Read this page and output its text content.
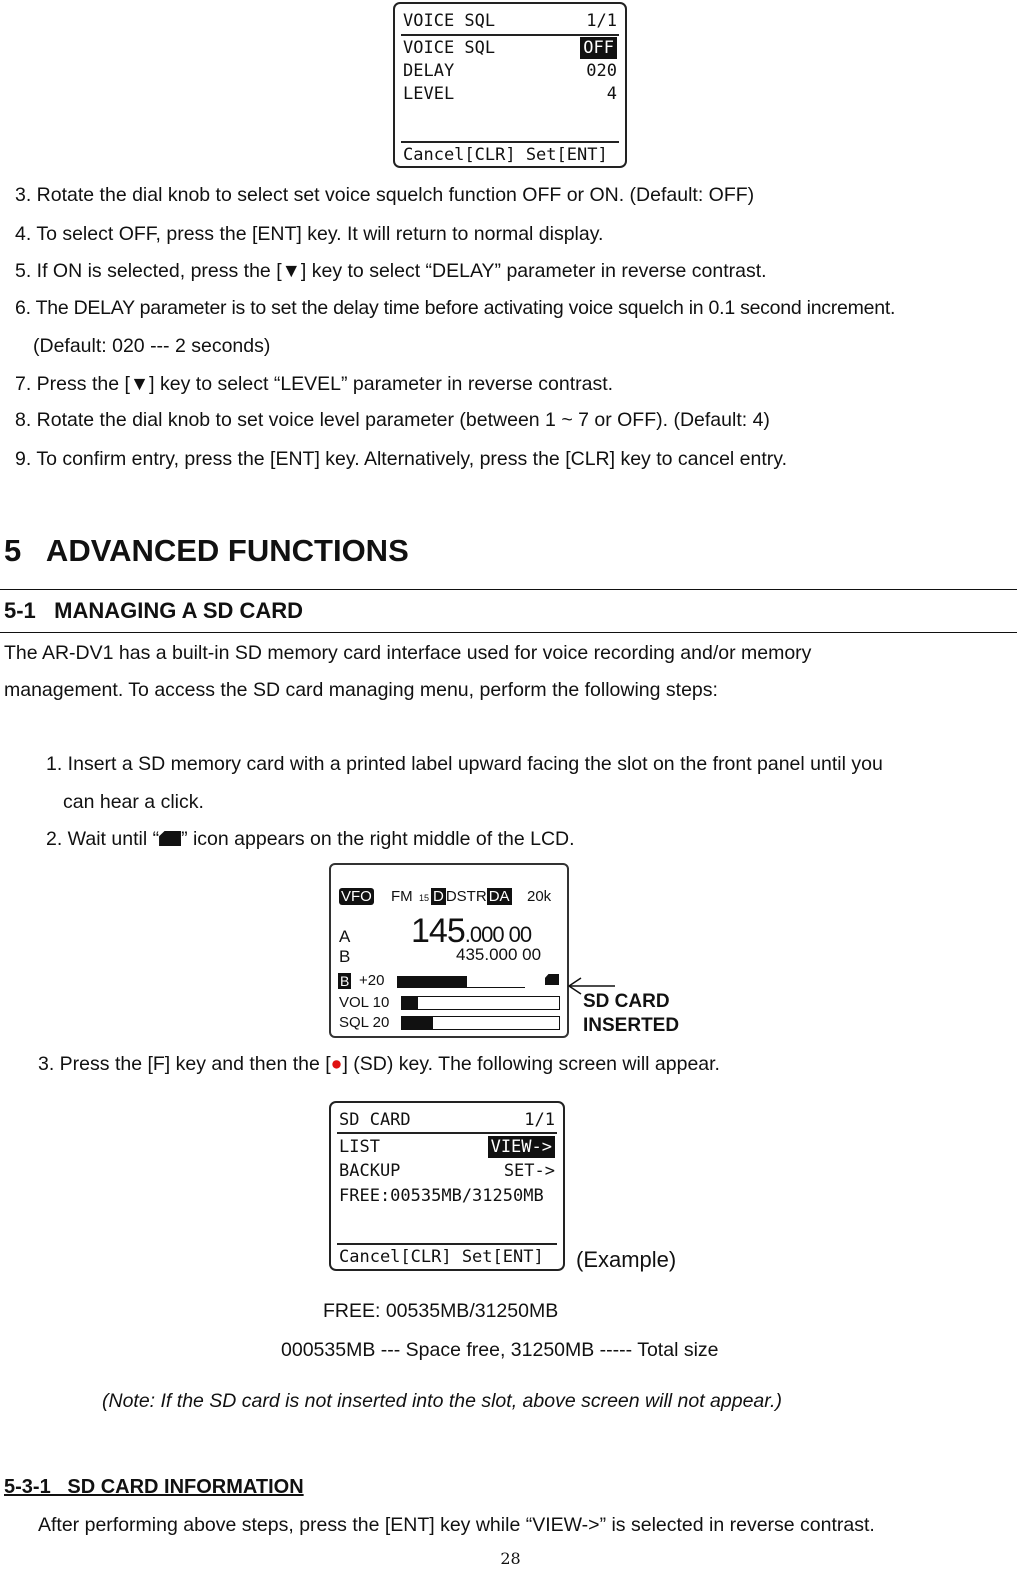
VOICE SQL	1/1
VOICE SQL	OFF
DELAY	020
LEVEL	4
Cancel[CLR] Set[ENT]
3. Rotate the dial knob to select set voice squelch function OFF or ON. (Default: OFF)
4. To select OFF, press the [ENT] key. It will return to normal display.
5. If ON is selected, press the [▼] key to select “DELAY” parameter in reverse contrast.
6. The DELAY parameter is to set the delay time before activating voice squelch in 0.1 second increment.
(Default: 020 --- 2 seconds)
7. Press the [▼] key to select “LEVEL” parameter in reverse contrast.
8. Rotate the dial knob to set voice level parameter (between 1 ~ 7 or OFF). (Default: 4)
9. To confirm entry, press the [ENT] key. Alternatively, press the [CLR] key to cancel entry.
5   ADVANCED FUNCTIONS
5-1   MANAGING A SD CARD
The AR-DV1 has a built-in SD memory card interface used for voice recording and/or memory
management. To access the SD card managing menu, perform the following steps:
1. Insert a SD memory card with a printed label upward facing the slot on the front panel until you
can hear a click.
2. Wait until “ ” icon appears on the right middle of the LCD.
VFO FM 15 D DSTR DA 20k
A 145.000 00
B	435.000 00
B +20
VOL 10
SQL 20
SD CARD
INSERTED
3. Press the [F] key and then the [●] (SD) key. The following screen will appear.
SD CARD	1/1
LIST	VIEW->
BACKUP	SET->
FREE:00535MB/31250MB
Cancel[CLR] Set[ENT] (Example)
FREE: 00535MB/31250MB
000535MB --- Space free, 31250MB ----- Total size
(Note: If the SD card is not inserted into the slot, above screen will not appear.)
5-3-1   SD CARD INFORMATION
After performing above steps, press the [ENT] key while “VIEW->” is selected in reverse contrast.
28
